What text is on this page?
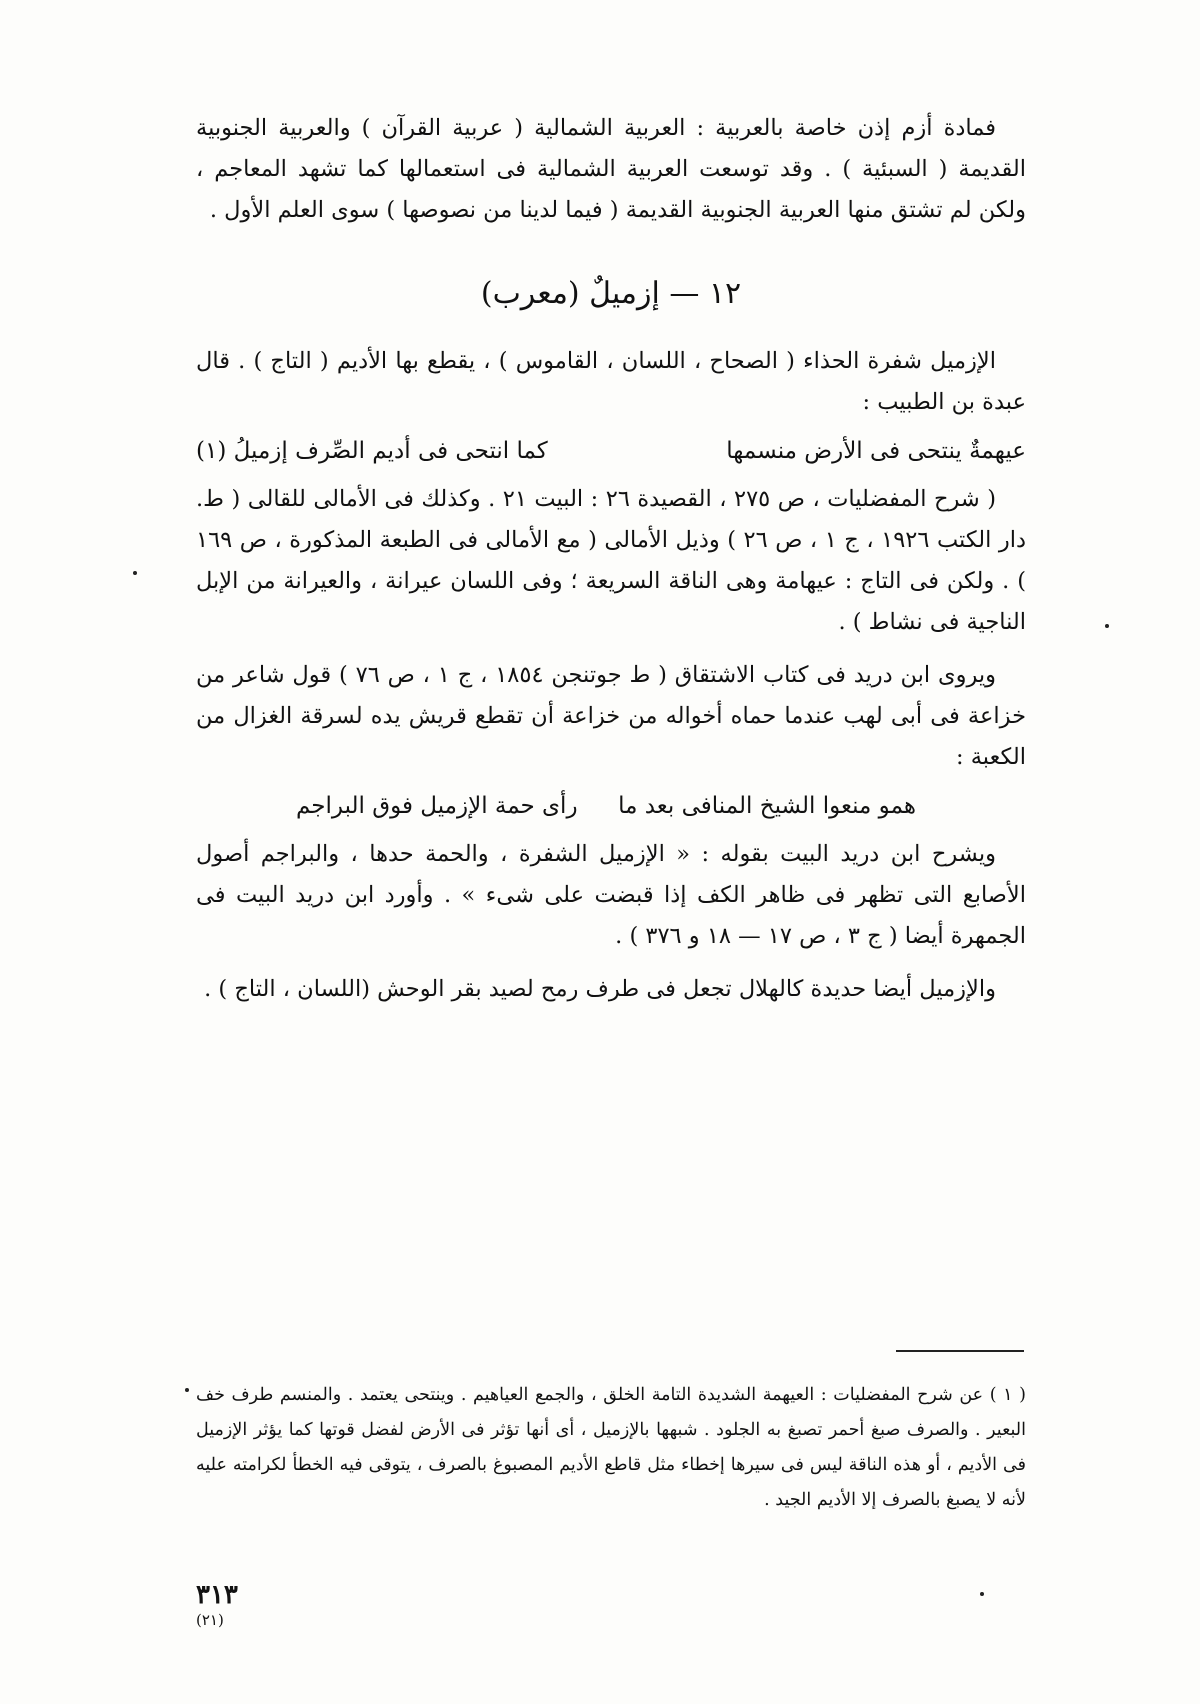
فمادة أزم إذن خاصة بالعربية : العربية الشمالية ( عربية القرآن ) والعربية الجنوبية القديمة ( السبئية ) . وقد توسعت العربية الشمالية فى استعمالها كما تشهد المعاجم ، ولكن لم تشتق منها العربية الجنوبية القديمة ( فيما لدينا من نصوصها ) سوى العلم الأول .

١٢ — إزميلٌ (معرب)

الإزميل شفرة الحذاء ( الصحاح ، اللسان ، القاموس ) ، يقطع بها الأديم ( التاج ) . قال عبدة بن الطبيب :

عيهمةٌ ينتحى فى الأرض منسمها
كما انتحى فى أديم الصِّرف إزميلُ (١)

( شرح المفضليات ، ص ٢٧٥ ، القصيدة ٢٦ : البيت ٢١ . وكذلك فى الأمالى للقالى ( ط. دار الكتب ١٩٢٦ ، ج ١ ، ص ٢٦ ) وذيل الأمالى ( مع الأمالى فى الطبعة المذكورة ، ص ١٦٩ ) . ولكن فى التاج : عيهامة وهى الناقة السريعة ؛ وفى اللسان عيرانة ، والعيرانة من الإبل الناجية فى نشاط ) .

ويروى ابن دريد فى كتاب الاشتقاق ( ط جوتنجن ١٨٥٤ ، ج ١ ، ص ٧٦ ) قول شاعر من خزاعة فى أبى لهب عندما حماه أخواله من خزاعة أن تقطع قريش يده لسرقة الغزال من الكعبة :

همو منعوا الشيخ المنافى بعد ما
رأى حمة الإزميل فوق البراجم

ويشرح ابن دريد البيت بقوله : « الإزميل الشفرة ، والحمة حدها ، والبراجم أصول الأصابع التى تظهر فى ظاهر الكف إذا قبضت على شىء » . وأورد ابن دريد البيت فى الجمهرة أيضا ( ج ٣ ، ص ١٧ — ١٨ و ٣٧٦ ) .

والإزميل أيضا حديدة كالهلال تجعل فى طرف رمح لصيد بقر الوحش (اللسان ، التاج ) .

( ١ ) عن شرح المفضليات : العيهمة الشديدة التامة الخلق ، والجمع العياهيم . وينتحى يعتمد . والمنسم طرف خف البعير . والصرف صبغ أحمر تصبغ به الجلود . شبهها بالإزميل ، أى أنها تؤثر فى الأرض لفضل قوتها كما يؤثر الإزميل فى الأديم ، أو هذه الناقة ليس فى سيرها إخطاء مثل قاطع الأديم المصبوغ بالصرف ، يتوقى فيه الخطأ لكرامته عليه لأنه لا يصبغ بالصرف إلا الأديم الجيد .

٣١٣
(٢١)
